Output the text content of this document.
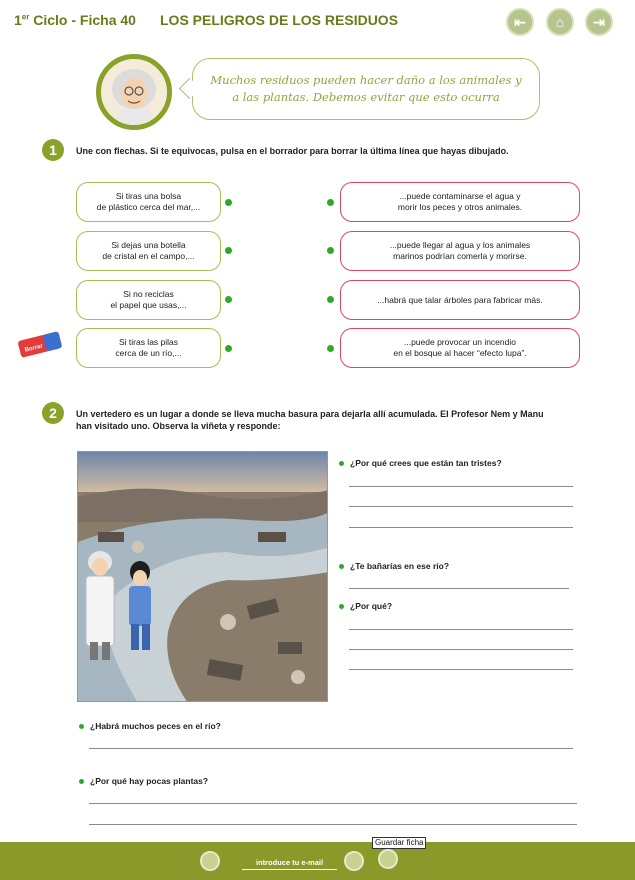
1er Ciclo - Ficha 40 LOS PELIGROS DE LOS RESIDUOS	⇤ ⌂ ⇥
Muchos residuos pueden hacer daño a los animales y
a las plantas. Debemos evitar que esto ocurra
1	Une con flechas. Si te equivocas, pulsa en el borrador para borrar la última línea que hayas dibujado.
Si tiras una bolsa
de plástico cerca del mar,...
Si dejas una botella
de cristal en el campo,...
Si no reciclas
el papel que usas,...
Si tiras las pilas
cerca de un río,...
...puede contaminarse el agua y
morir los peces y otros animales.
...puede llegar al agua y los animales
marinos podrían comerla y morirse.
...habrá que talar árboles para fabricar más.
...puede provocar un incendio
en el bosque al hacer “efecto lupa”.
Borrar
2	Un vertedero es un lugar a donde se lleva mucha basura para dejarla allí acumulada. El Profesor Nem y Manu
han visitado uno. Observa la viñeta y responde:
¿Por qué crees que están tan tristes?
¿Te bañarías en ese río?
¿Por qué?
¿Habrá muchos peces en el río?
¿Por qué hay pocas plantas?
introduce tu e-mail
Guardar ficha
